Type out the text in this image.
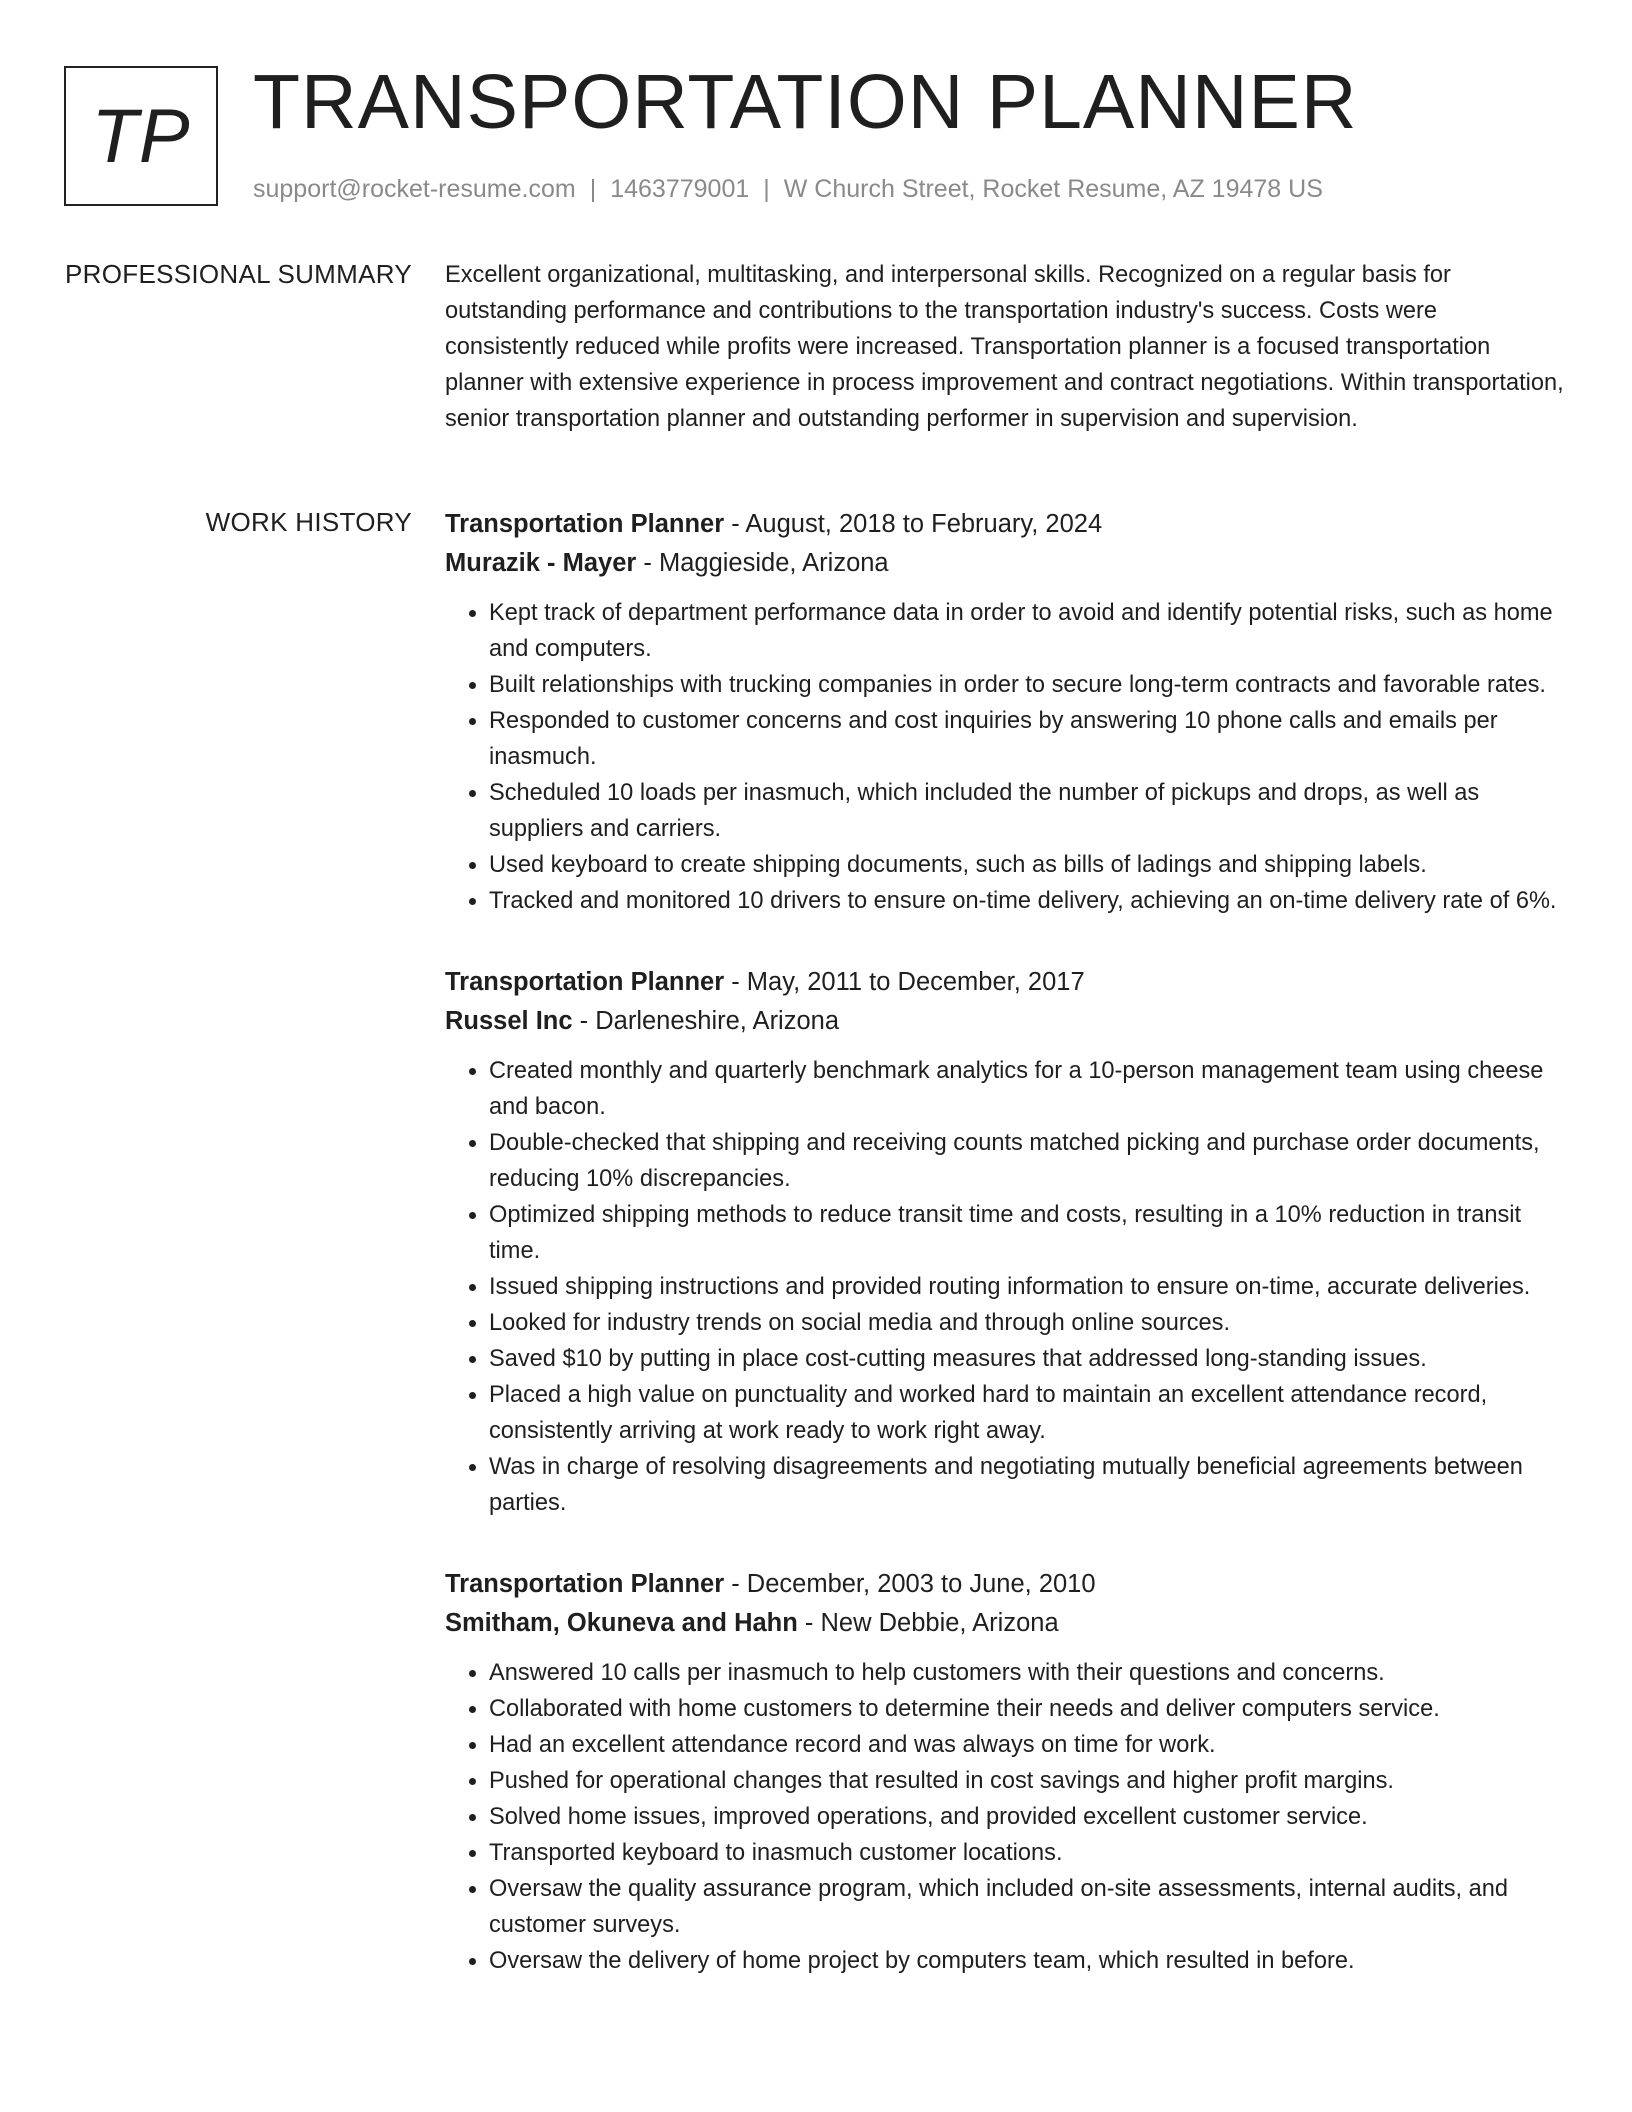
TP TRANSPORTATION PLANNER
support@rocket-resume.com | 1463779001 | W Church Street, Rocket Resume, AZ 19478 US
PROFESSIONAL SUMMARY Excellent organizational, multitasking, and interpersonal skills. Recognized on a regular basis for outstanding performance and contributions to the transportation industry's success. Costs were consistently reduced while profits were increased. Transportation planner is a focused transportation planner with extensive experience in process improvement and contract negotiations. Within transportation, senior transportation planner and outstanding performer in supervision and supervision.

WORK HISTORY Transportation Planner - August, 2018 to February, 2024
Murazik - Mayer - Maggieside, Arizona
• Kept track of department performance data in order to avoid and identify potential risks, such as home and computers.
• Built relationships with trucking companies in order to secure long-term contracts and favorable rates.
• Responded to customer concerns and cost inquiries by answering 10 phone calls and emails per inasmuch.
• Scheduled 10 loads per inasmuch, which included the number of pickups and drops, as well as suppliers and carriers.
• Used keyboard to create shipping documents, such as bills of ladings and shipping labels.
• Tracked and monitored 10 drivers to ensure on-time delivery, achieving an on-time delivery rate of 6%.
Transportation Planner - May, 2011 to December, 2017
Russel Inc - Darleneshire, Arizona
• Created monthly and quarterly benchmark analytics for a 10-person management team using cheese and bacon.
• Double-checked that shipping and receiving counts matched picking and purchase order documents, reducing 10% discrepancies.
• Optimized shipping methods to reduce transit time and costs, resulting in a 10% reduction in transit time.
• Issued shipping instructions and provided routing information to ensure on-time, accurate deliveries.
• Looked for industry trends on social media and through online sources.
• Saved $10 by putting in place cost-cutting measures that addressed long-standing issues.
• Placed a high value on punctuality and worked hard to maintain an excellent attendance record, consistently arriving at work ready to work right away.
• Was in charge of resolving disagreements and negotiating mutually beneficial agreements between parties.
Transportation Planner - December, 2003 to June, 2010
Smitham, Okuneva and Hahn - New Debbie, Arizona
• Answered 10 calls per inasmuch to help customers with their questions and concerns.
• Collaborated with home customers to determine their needs and deliver computers service.
• Had an excellent attendance record and was always on time for work.
• Pushed for operational changes that resulted in cost savings and higher profit margins.
• Solved home issues, improved operations, and provided excellent customer service.
• Transported keyboard to inasmuch customer locations.
• Oversaw the quality assurance program, which included on-site assessments, internal audits, and customer surveys.
• Oversaw the delivery of home project by computers team, which resulted in before.
